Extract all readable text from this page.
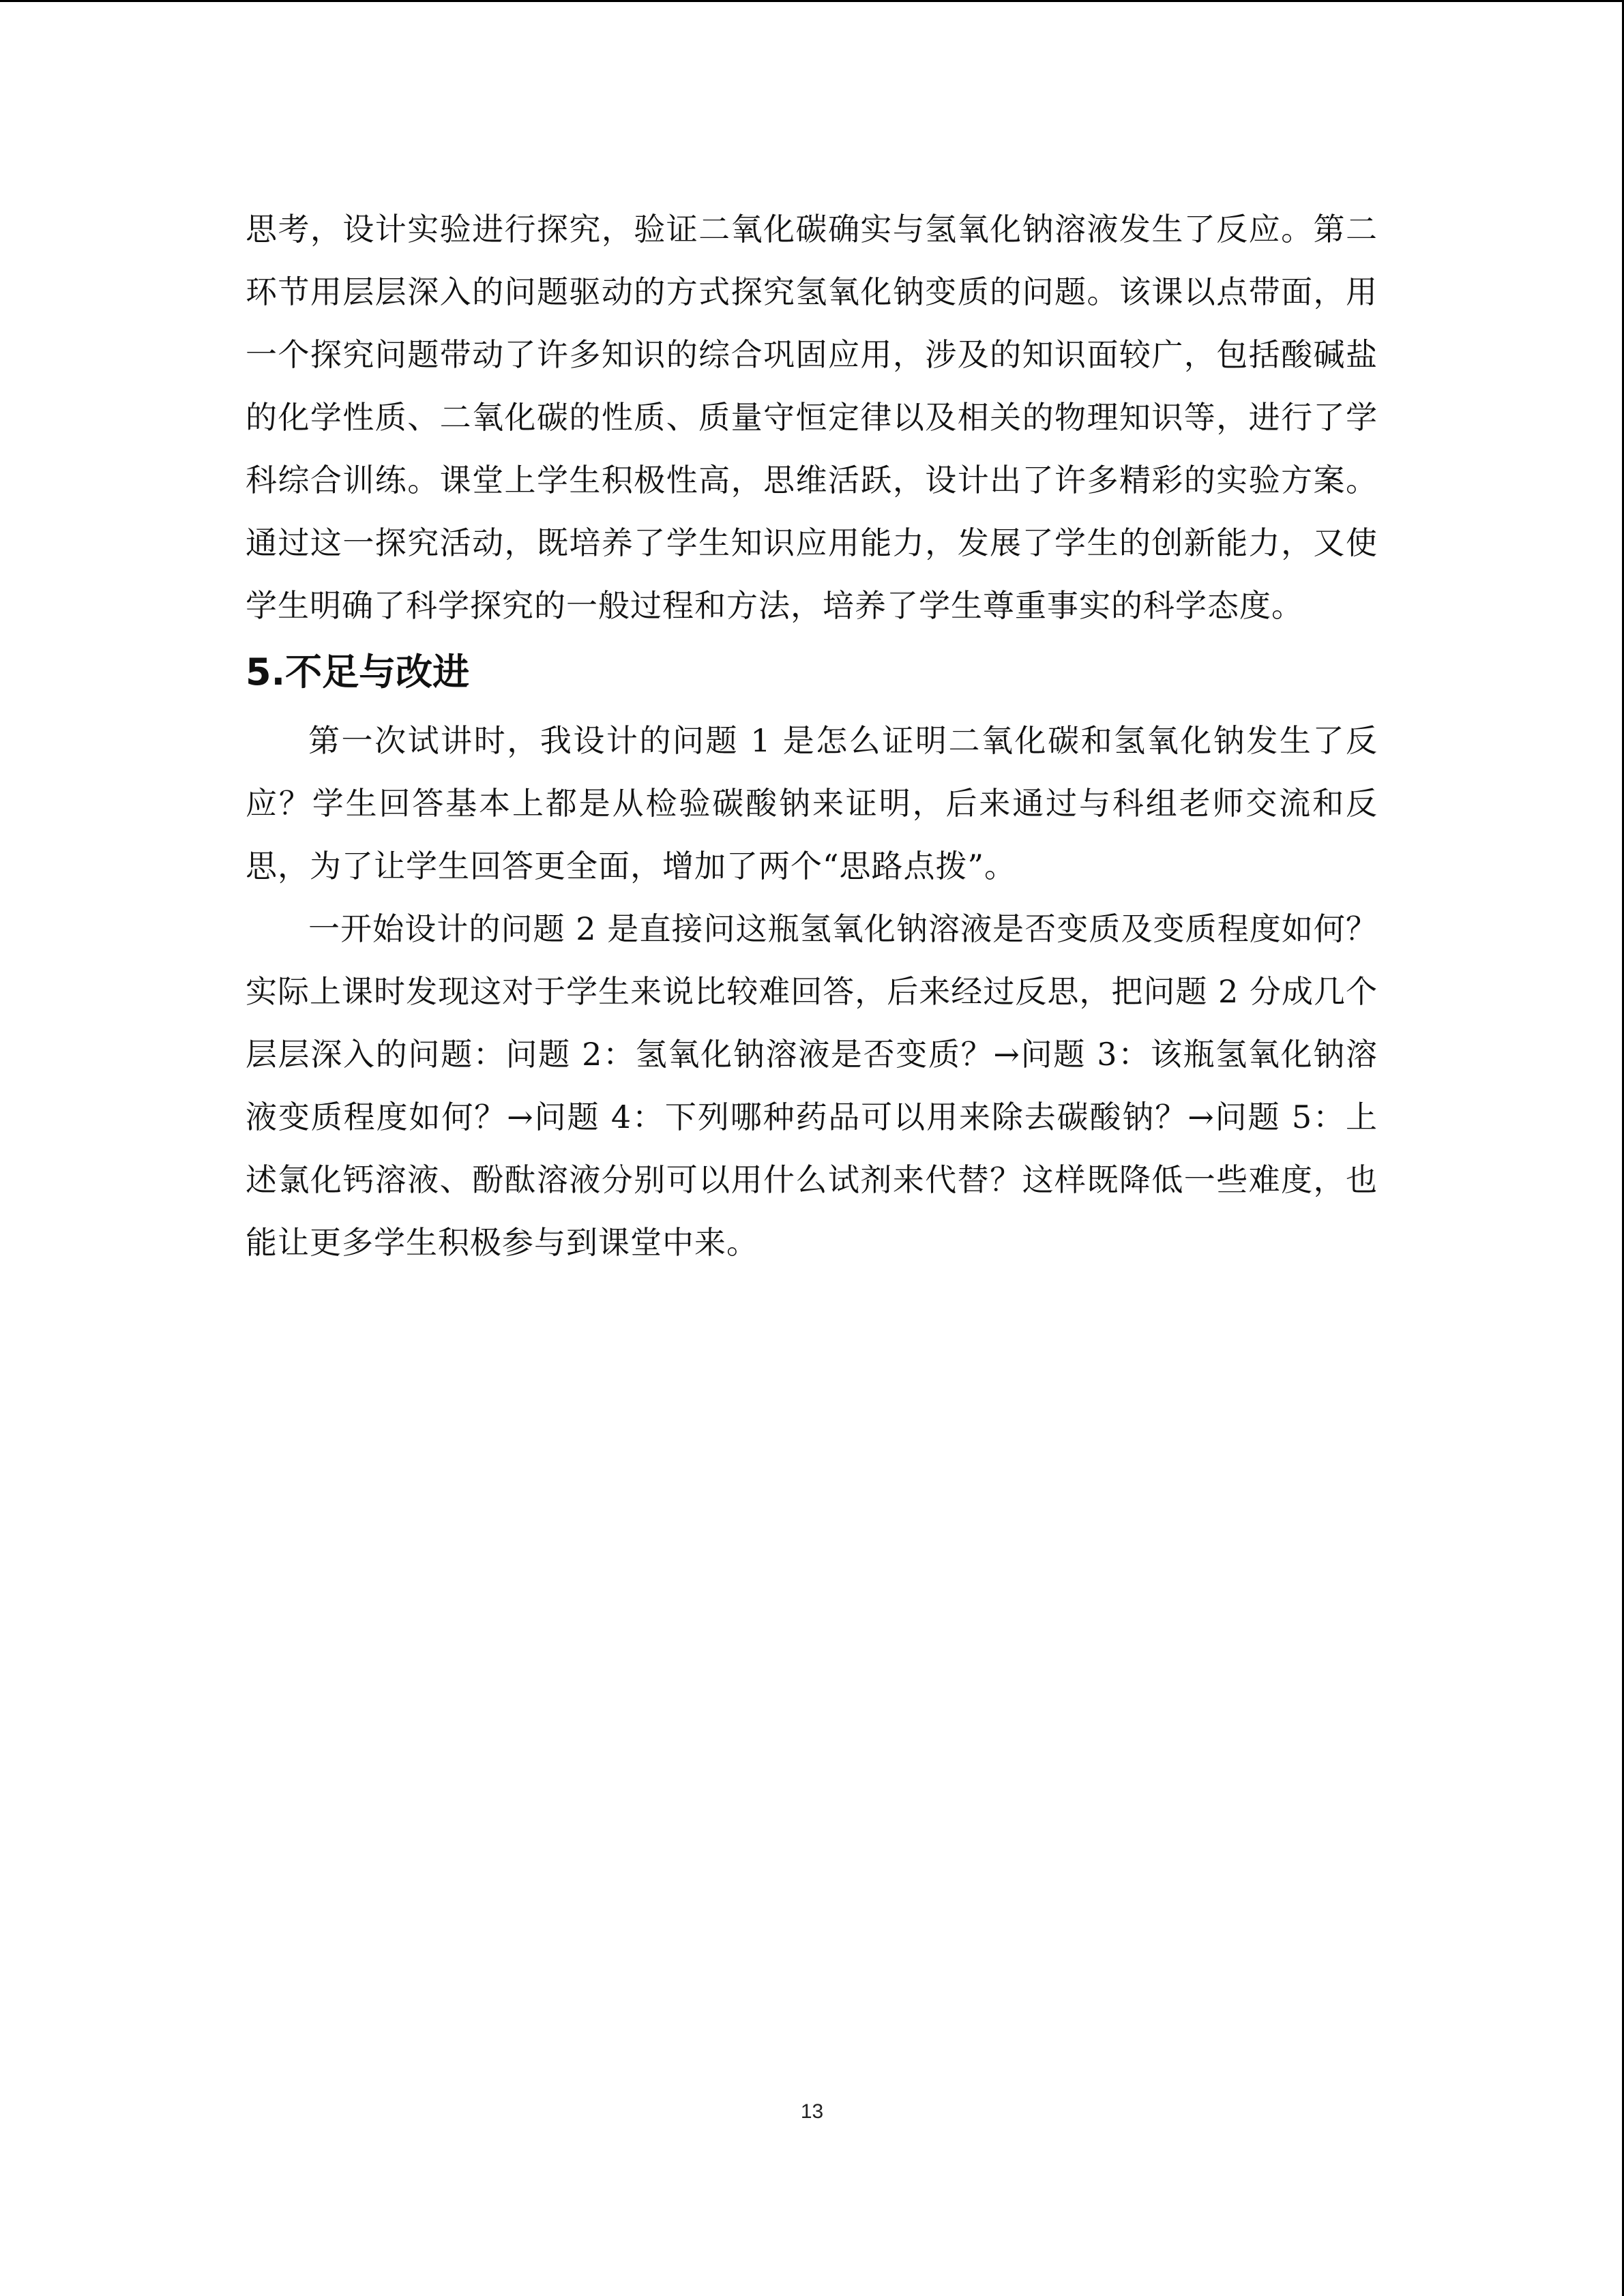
思考，设计实验进行探究，验证二氧化碳确实与氢氧化钠溶液发生了反应。第二环节用层层深入的问题驱动的方式探究氢氧化钠变质的问题。该课以点带面，用一个探究问题带动了许多知识的综合巩固应用，涉及的知识面较广，包括酸碱盐的化学性质、二氧化碳的性质、质量守恒定律以及相关的物理知识等，进行了学科综合训练。课堂上学生积极性高，思维活跃，设计出了许多精彩的实验方案。通过这一探究活动，既培养了学生知识应用能力，发展了学生的创新能力，又使学生明确了科学探究的一般过程和方法，培养了学生尊重事实的科学态度。

5.不足与改进

第一次试讲时，我设计的问题 1 是怎么证明二氧化碳和氢氧化钠发生了反应？学生回答基本上都是从检验碳酸钠来证明，后来通过与科组老师交流和反思，为了让学生回答更全面，增加了两个“思路点拨”。

一开始设计的问题 2 是直接问这瓶氢氧化钠溶液是否变质及变质程度如何？实际上课时发现这对于学生来说比较难回答，后来经过反思，把问题 2 分成几个层层深入的问题：问题 2：氢氧化钠溶液是否变质？→问题 3：该瓶氢氧化钠溶液变质程度如何？→问题 4：下列哪种药品可以用来除去碳酸钠？→问题 5：上述氯化钙溶液、酚酞溶液分别可以用什么试剂来代替？这样既降低一些难度，也能让更多学生积极参与到课堂中来。

13
